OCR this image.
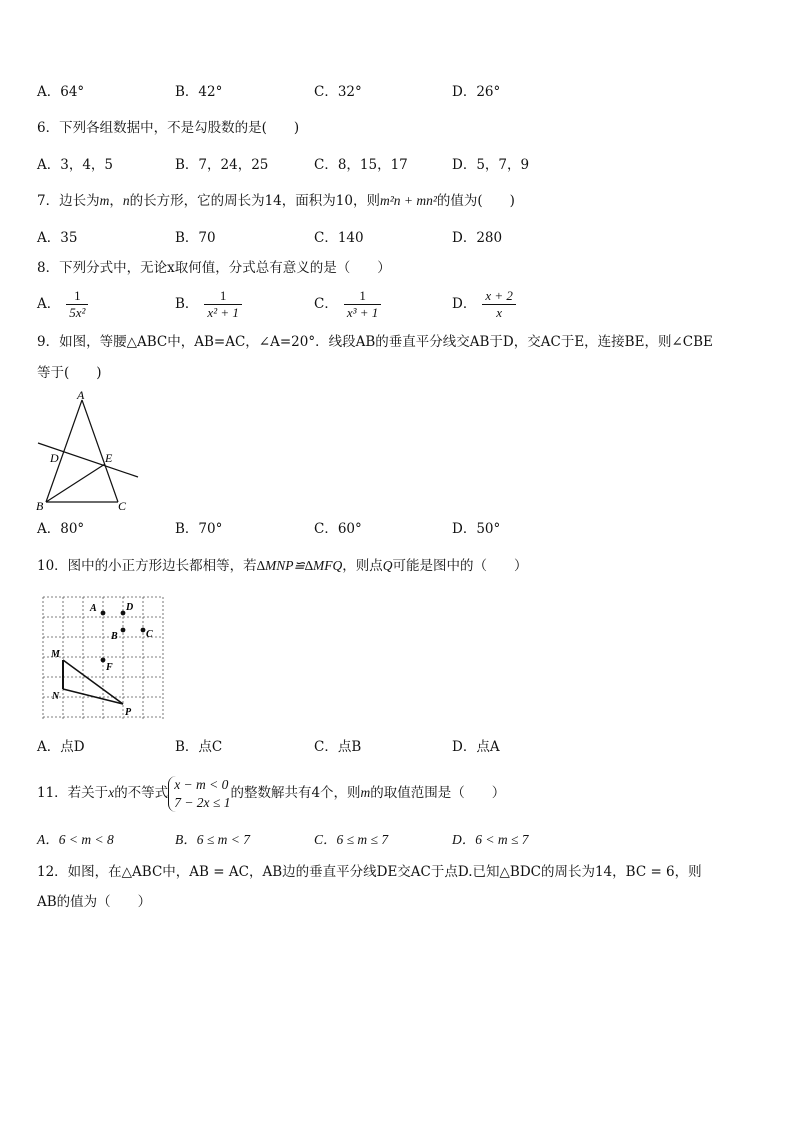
A．64°	B．42°	C．32°	D．26°
6．下列各组数据中，不是勾股数的是(　　)
A．3，4，5	B．7，24，25	C．8，15，17	D．5，7，9
7．边长为m，n的长方形，它的周长为14，面积为10，则m²n + mn²的值为(　　)
A．35	B．70	C．140	D．280
8．下列分式中，无论x取何值，分式总有意义的是（　　）
A． $\frac{1}{\text{5x²}}$	B． $\frac{1}{\text{x² + 1}}$	C． $\frac{1}{\text{x³ + 1}}$	D． $\frac{x + 2}{x}$
9．如图，等腰△ABC中，AB=AC，∠A=20°．线段AB的垂直平分线交AB于D，交AC于E，连接BE，则∠CBE
等于(　　)
A
D	E
B	C
A．80°	B．70°	C．60°	D．50°
10．图中的小正方形边长都相等，若∆MNP≌∆MFQ，则点Q可能是图中的（　　）
A	D
B	C
M
F
N
P
A．点D	B．点C	C．点B	D．点A
11．若关于x的不等式
x − m < 0
7 − 2x ≤ 1
的整数解共有4个，则m的取值范围是（　　）
A．6 < m < 8	B．6 ≤ m < 7	C．6 ≤ m ≤ 7	D．6 < m ≤ 7
12．如图，在△ABC中，AB = AC，AB边的垂直平分线DE交AC于点D.已知△BDC的周长为14，BC = 6，则
AB的值为（　　）
